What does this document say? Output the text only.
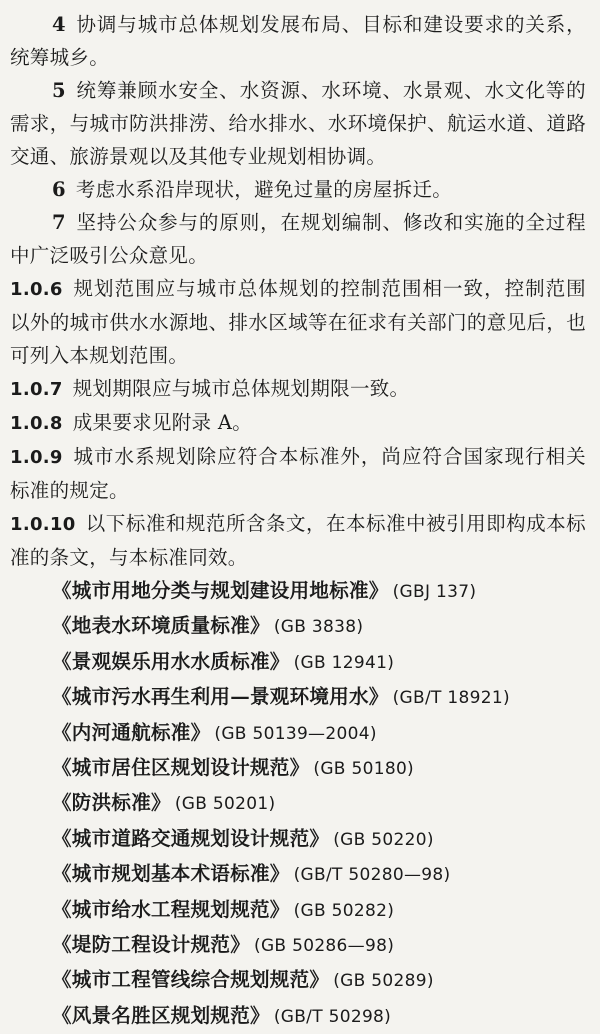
4 协调与城市总体规划发展布局、目标和建设要求的关系，统筹城乡。

5 统筹兼顾水安全、水资源、水环境、水景观、水文化等的需求，与城市防洪排涝、给水排水、水环境保护、航运水道、道路交通、旅游景观以及其他专业规划相协调。

6 考虑水系沿岸现状，避免过量的房屋拆迁。

7 坚持公众参与的原则，在规划编制、修改和实施的全过程中广泛吸引公众意见。

1.0.6 规划范围应与城市总体规划的控制范围相一致，控制范围以外的城市供水水源地、排水区域等在征求有关部门的意见后，也可列入本规划范围。

1.0.7 规划期限应与城市总体规划期限一致。

1.0.8 成果要求见附录 A。

1.0.9 城市水系规划除应符合本标准外，尚应符合国家现行相关标准的规定。

1.0.10 以下标准和规范所含条文，在本标准中被引用即构成本标准的条文，与本标准同效。

《城市用地分类与规划建设用地标准》 (GBJ 137)
《地表水环境质量标准》 (GB 3838)
《景观娱乐用水水质标准》 (GB 12941)
《城市污水再生利用—景观环境用水》 (GB/T 18921)
《内河通航标准》 (GB 50139—2004)
《城市居住区规划设计规范》 (GB 50180)
《防洪标准》 (GB 50201)
《城市道路交通规划设计规范》 (GB 50220)
《城市规划基本术语标准》 (GB/T 50280—98)
《城市给水工程规划规范》 (GB 50282)
《堤防工程设计规范》 (GB 50286—98)
《城市工程管线综合规划规范》 (GB 50289)
《风景名胜区规划规范》 (GB/T 50298)
